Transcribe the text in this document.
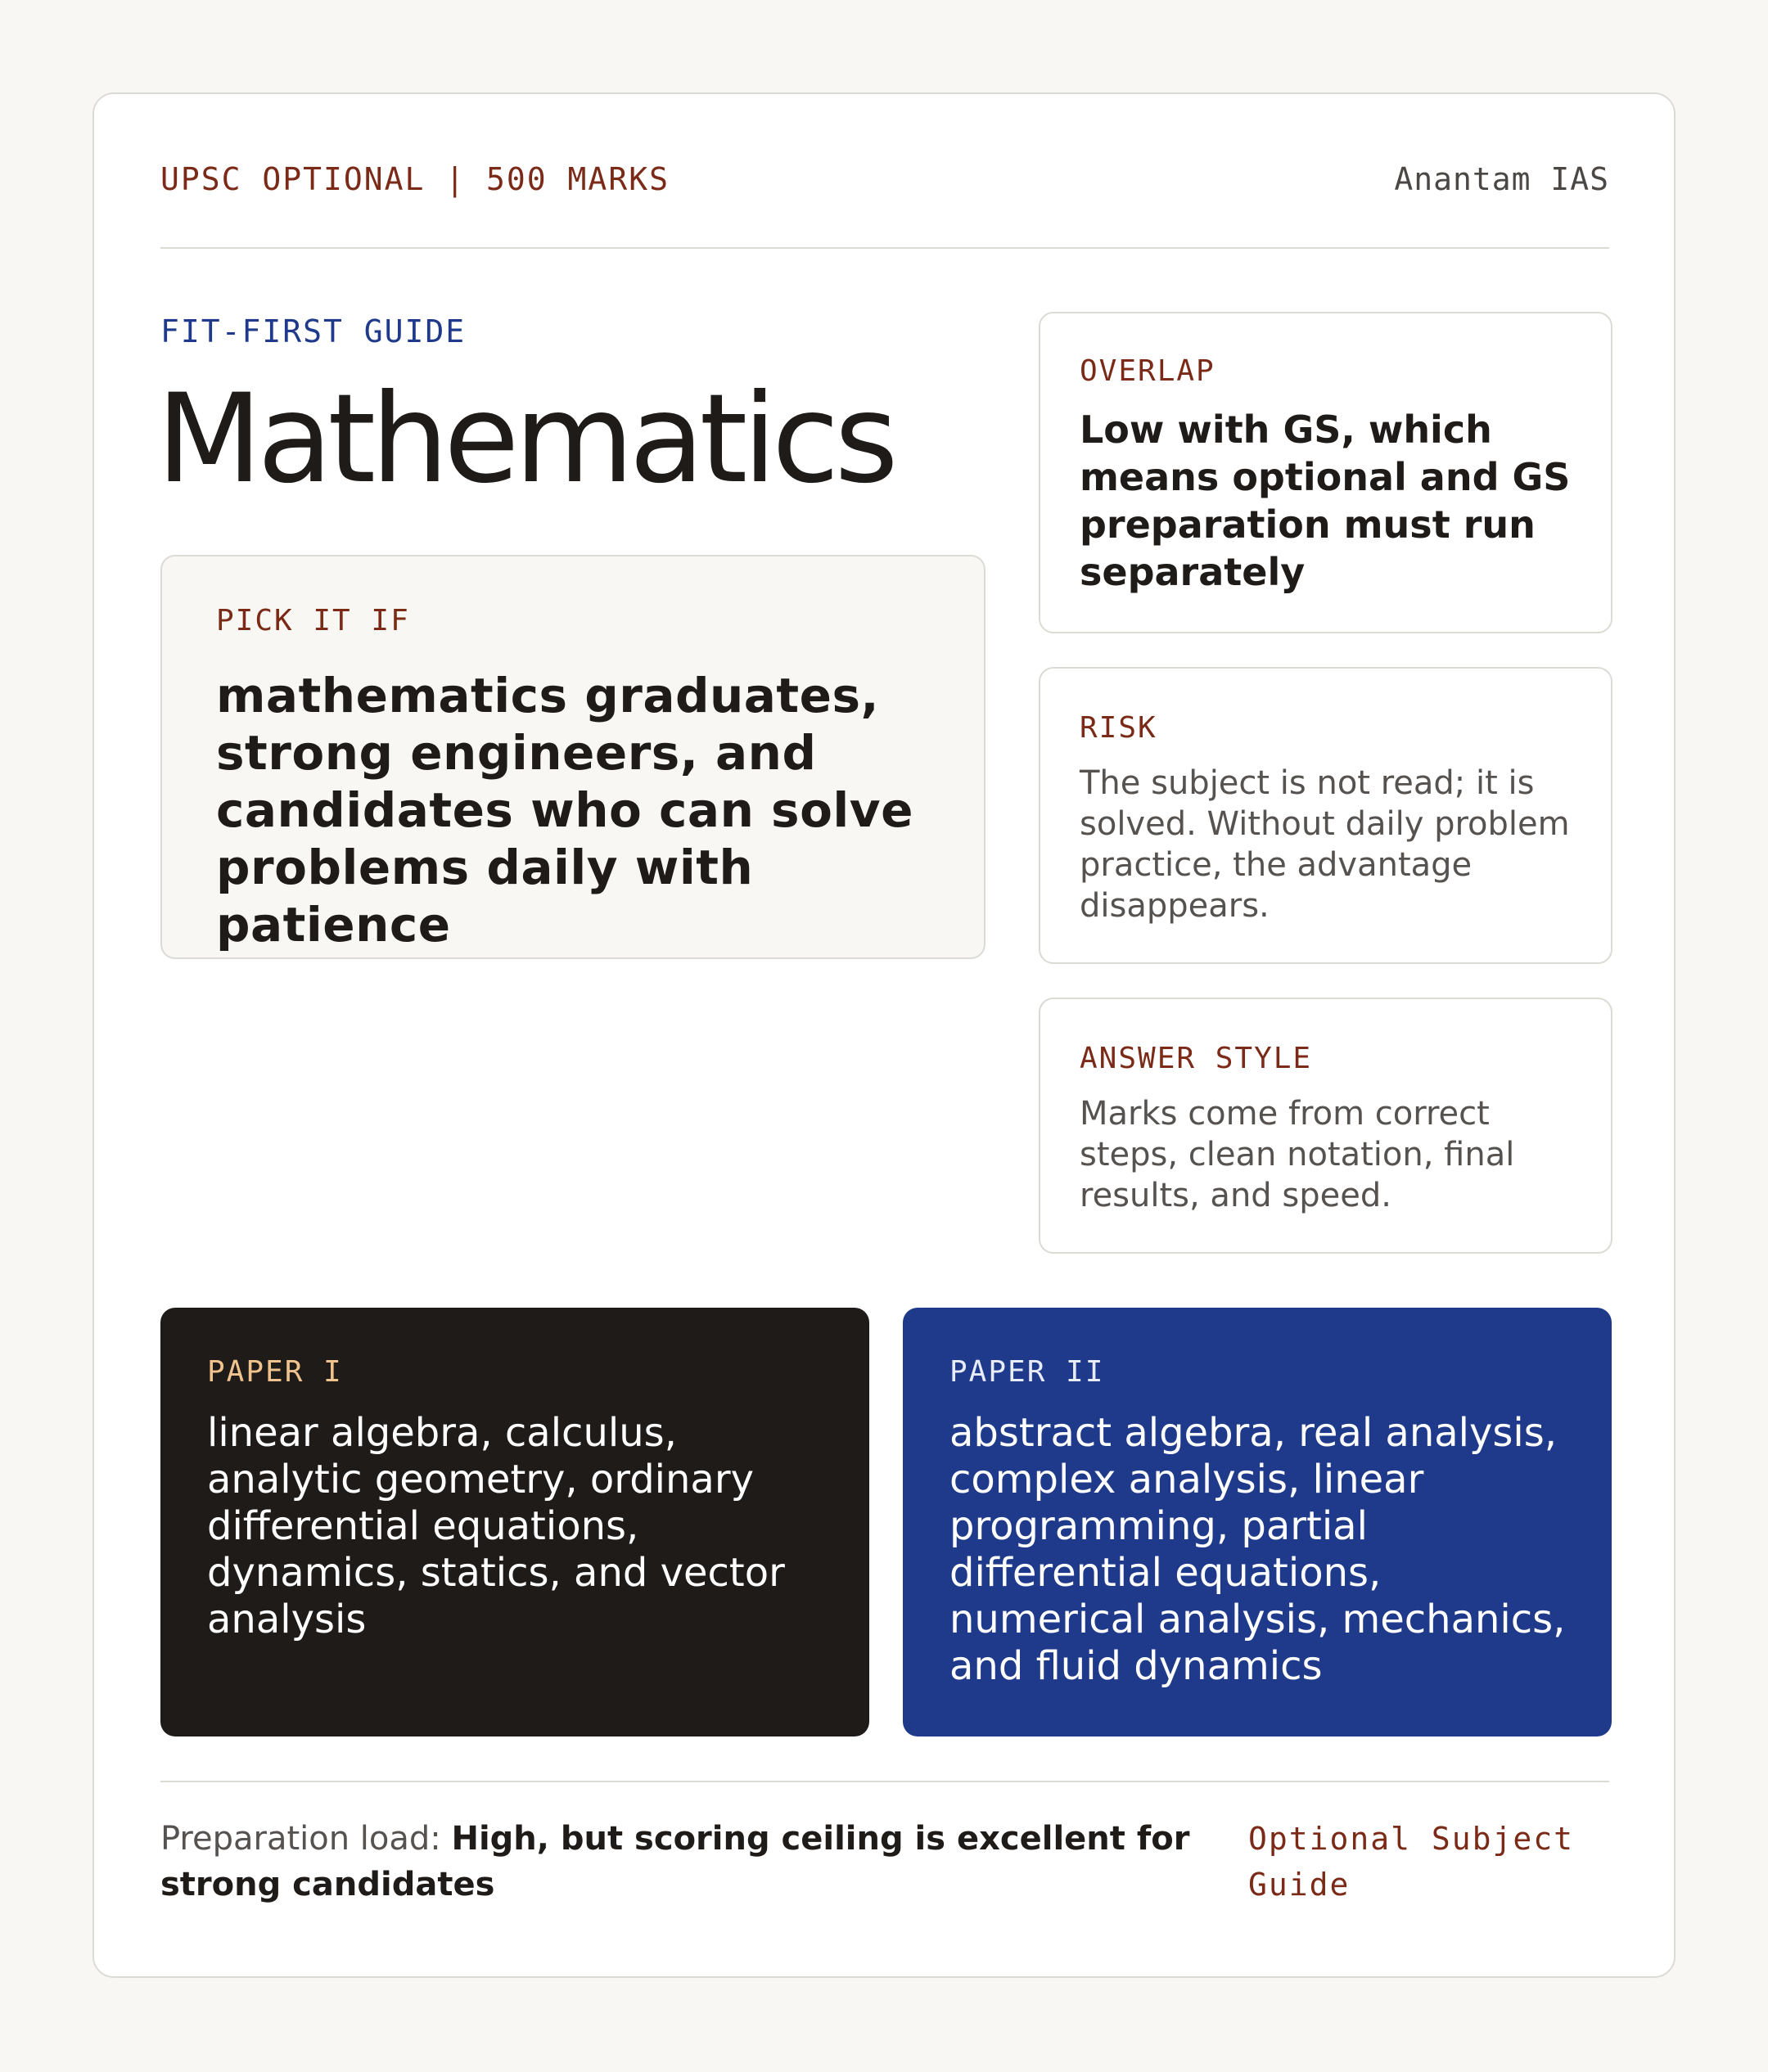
UPSC OPTIONAL | 500 MARKS	Anantam IAS
FIT-FIRST GUIDE
Mathematics
PICK IT IF

mathematics graduates, strong engineers, and candidates who can solve problems daily with patience

OVERLAP

Low with GS, which means optional and GS preparation must run separately

RISK

The subject is not read; it is solved. Without daily problem practice, the advantage disappears.

ANSWER STYLE

Marks come from correct steps, clean notation, final results, and speed.

PAPER I

linear algebra, calculus, analytic geometry, ordinary differential equations, dynamics, statics, and vector analysis

PAPER II

abstract algebra, real analysis, complex analysis, linear programming, partial differential equations, numerical analysis, mechanics, and fluid dynamics

Preparation load: High, but scoring ceiling is excellent for strong candidates

Optional Subject Guide
